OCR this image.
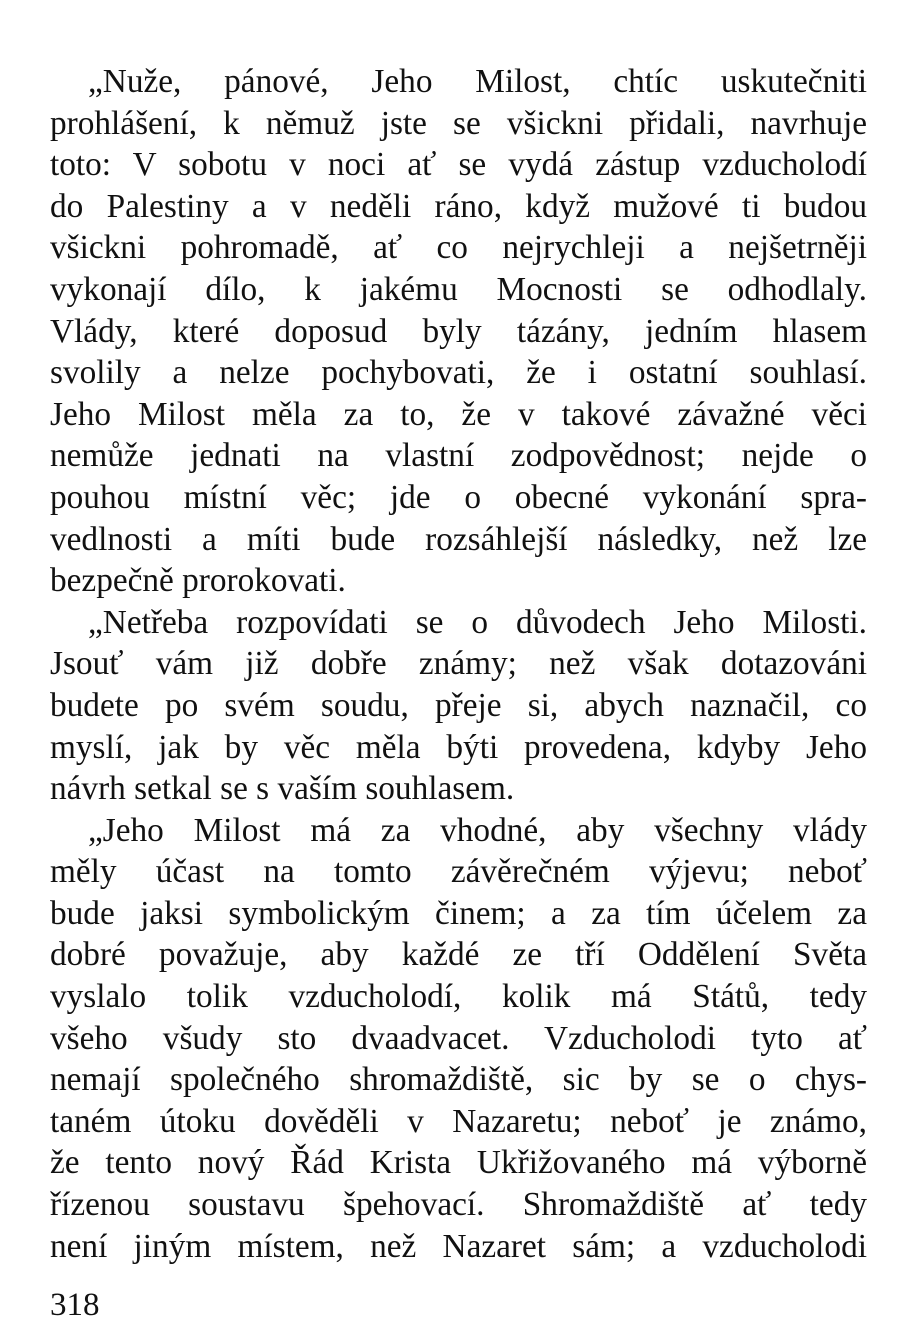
„Nuže, pánové, Jeho Milost, chtíc uskutečniti
prohlášení, k němuž jste se všickni přidali, navrhuje
toto: V sobotu v noci ať se vydá zástup vzducholodí
do Palestiny a v neděli ráno, když mužové ti budou
všickni pohromadě, ať co nejrychleji a nejšetrněji
vykonají dílo, k jakému Mocnosti se odhodlaly.
Vlády, které doposud byly tázány, jedním hlasem
svolily a nelze pochybovati, že i ostatní souhlasí.
Jeho Milost měla za to, že v takové závažné věci
nemůže jednati na vlastní zodpovědnost; nejde o
pouhou místní věc; jde o obecné vykonání spra-
vedlnosti a míti bude rozsáhlejší následky, než lze
bezpečně prorokovati.
„Netřeba rozpovídati se o důvodech Jeho Milosti.
Jsouť vám již dobře známy; než však dotazováni
budete po svém soudu, přeje si, abych naznačil, co
myslí, jak by věc měla býti provedena, kdyby Jeho
návrh setkal se s vaším souhlasem.
„Jeho Milost má za vhodné, aby všechny vlády
měly účast na tomto závěrečném výjevu; neboť
bude jaksi symbolickým činem; a za tím účelem za
dobré považuje, aby každé ze tří Oddělení Světa
vyslalo tolik vzducholodí, kolik má Států, tedy
všeho všudy sto dvaadvacet. Vzducholodi tyto ať
nemají společného shromaždiště, sic by se o chys-
taném útoku dověděli v Nazaretu; neboť je známo,
že tento nový Řád Krista Ukřižovaného má výborně
řízenou soustavu špehovací. Shromaždiště ať tedy
není jiným místem, než Nazaret sám; a vzducholodi
318
